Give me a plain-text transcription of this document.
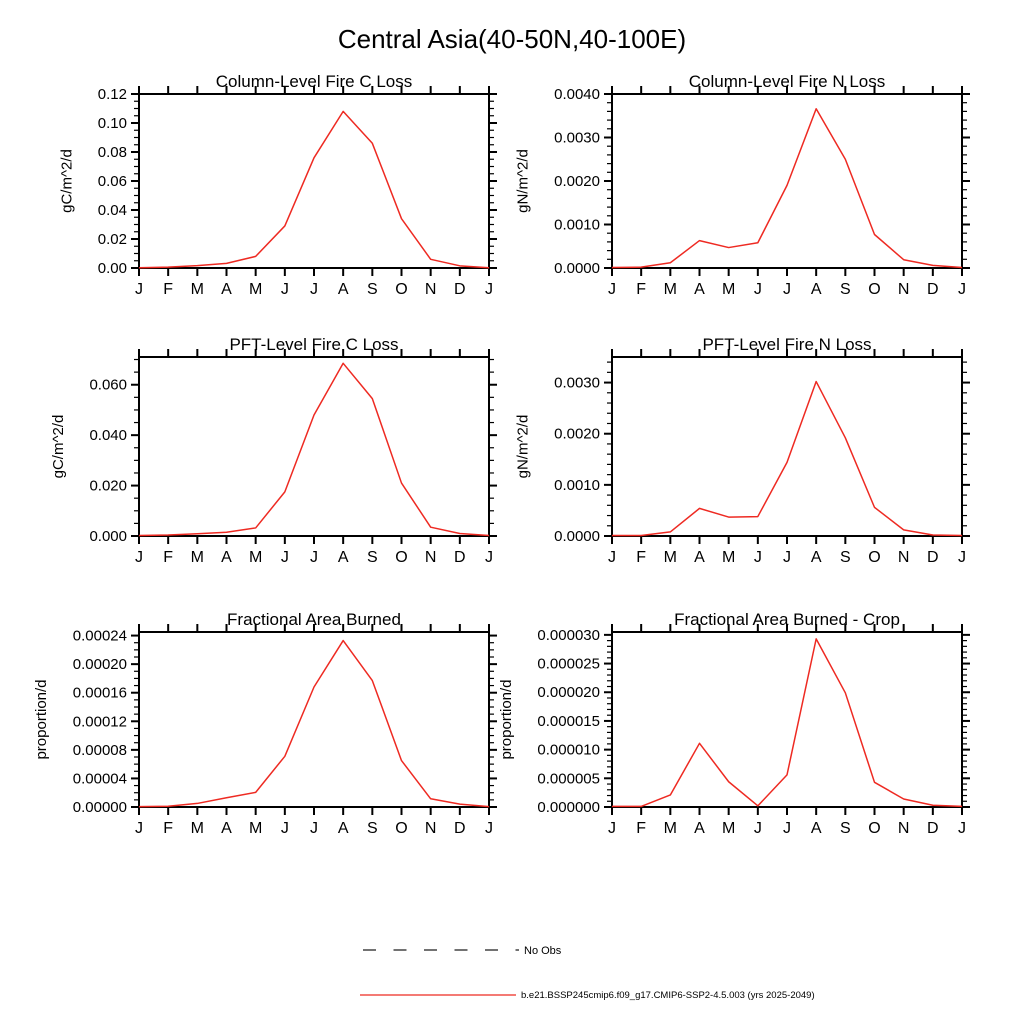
Central Asia(40-50N,40-100E)
0.00
0.02
0.04
0.06
0.08
0.10
0.12
J F M A M J J A S O N D J
Column-Level Fire C Loss
gC/m^2/d
0.0000
0.0010
0.0020
0.0030
0.0040
J F M A M J J A S O N D J
Column-Level Fire N Loss
gN/m^2/d
0.000
0.020
0.040
0.060
J F M A M J J A S O N D J
PFT-Level Fire C Loss
gC/m^2/d
0.0000
0.0010
0.0020
0.0030
J F M A M J J A S O N D J
PFT-Level Fire N Loss
gN/m^2/d
0.00000
0.00004
0.00008
0.00012
0.00016
0.00020
0.00024
J F M A M J J A S O N D J
Fractional Area Burned
proportion/d
0.000000
0.000005
0.000010
0.000015
0.000020
0.000025
0.000030
J F M A M J J A S O N D J
Fractional Area Burned - Crop
proportion/d
No Obs
b.e21.BSSP245cmip6.f09_g17.CMIP6-SSP2-4.5.003 (yrs 2025-2049)
